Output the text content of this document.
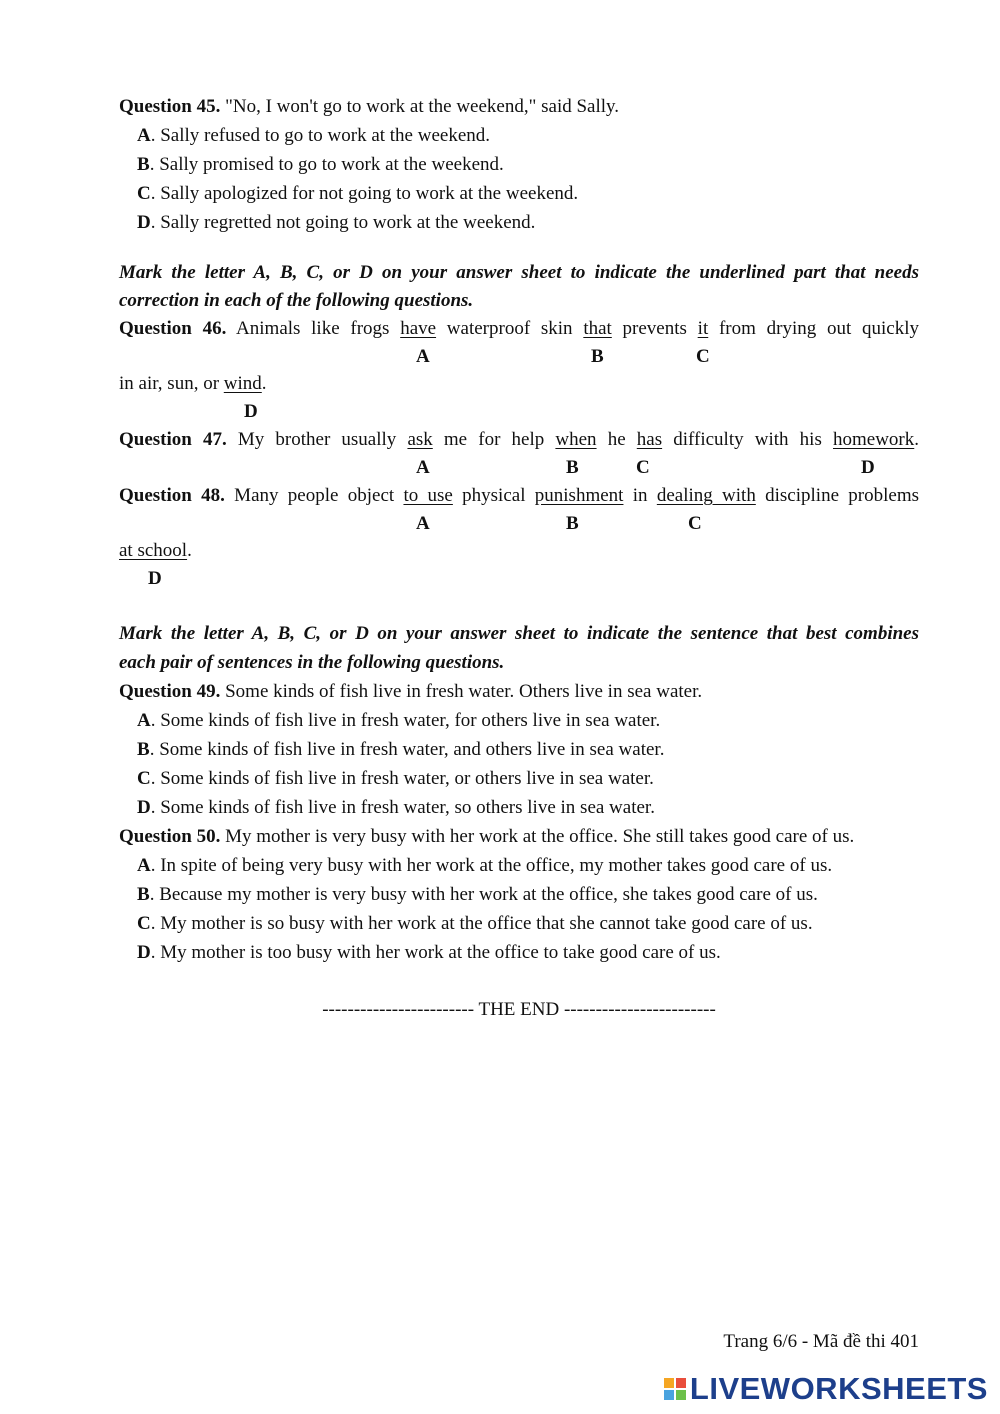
Question 45. "No, I won't go to work at the weekend," said Sally.
A. Sally refused to go to work at the weekend.
B. Sally promised to go to work at the weekend.
C. Sally apologized for not going to work at the weekend.
D. Sally regretted not going to work at the weekend.
Mark the letter A, B, C, or D on your answer sheet to indicate the underlined part that needs
correction in each of the following questions.
Question 46. Animals like frogs have waterproof skin that prevents it from drying out quickly
A	B	C
in air, sun, or wind.
D
Question 47. My brother usually ask me for help when he has difficulty with his homework.
A	B	C	D
Question 48. Many people object to use physical punishment in dealing with discipline problems
A	B	C
at school.
D
Mark the letter A, B, C, or D on your answer sheet to indicate the sentence that best combines
each pair of sentences in the following questions.
Question 49. Some kinds of fish live in fresh water. Others live in sea water.
A. Some kinds of fish live in fresh water, for others live in sea water.
B. Some kinds of fish live in fresh water, and others live in sea water.
C. Some kinds of fish live in fresh water, or others live in sea water.
D. Some kinds of fish live in fresh water, so others live in sea water.
Question 50. My mother is very busy with her work at the office. She still takes good care of us.
A. In spite of being very busy with her work at the office, my mother takes good care of us.
B. Because my mother is very busy with her work at the office, she takes good care of us.
C. My mother is so busy with her work at the office that she cannot take good care of us.
D. My mother is too busy with her work at the office to take good care of us.
------------------------ THE END ------------------------
Trang 6/6 - Mã đề thi 401
LIVEWORKSHEETS
